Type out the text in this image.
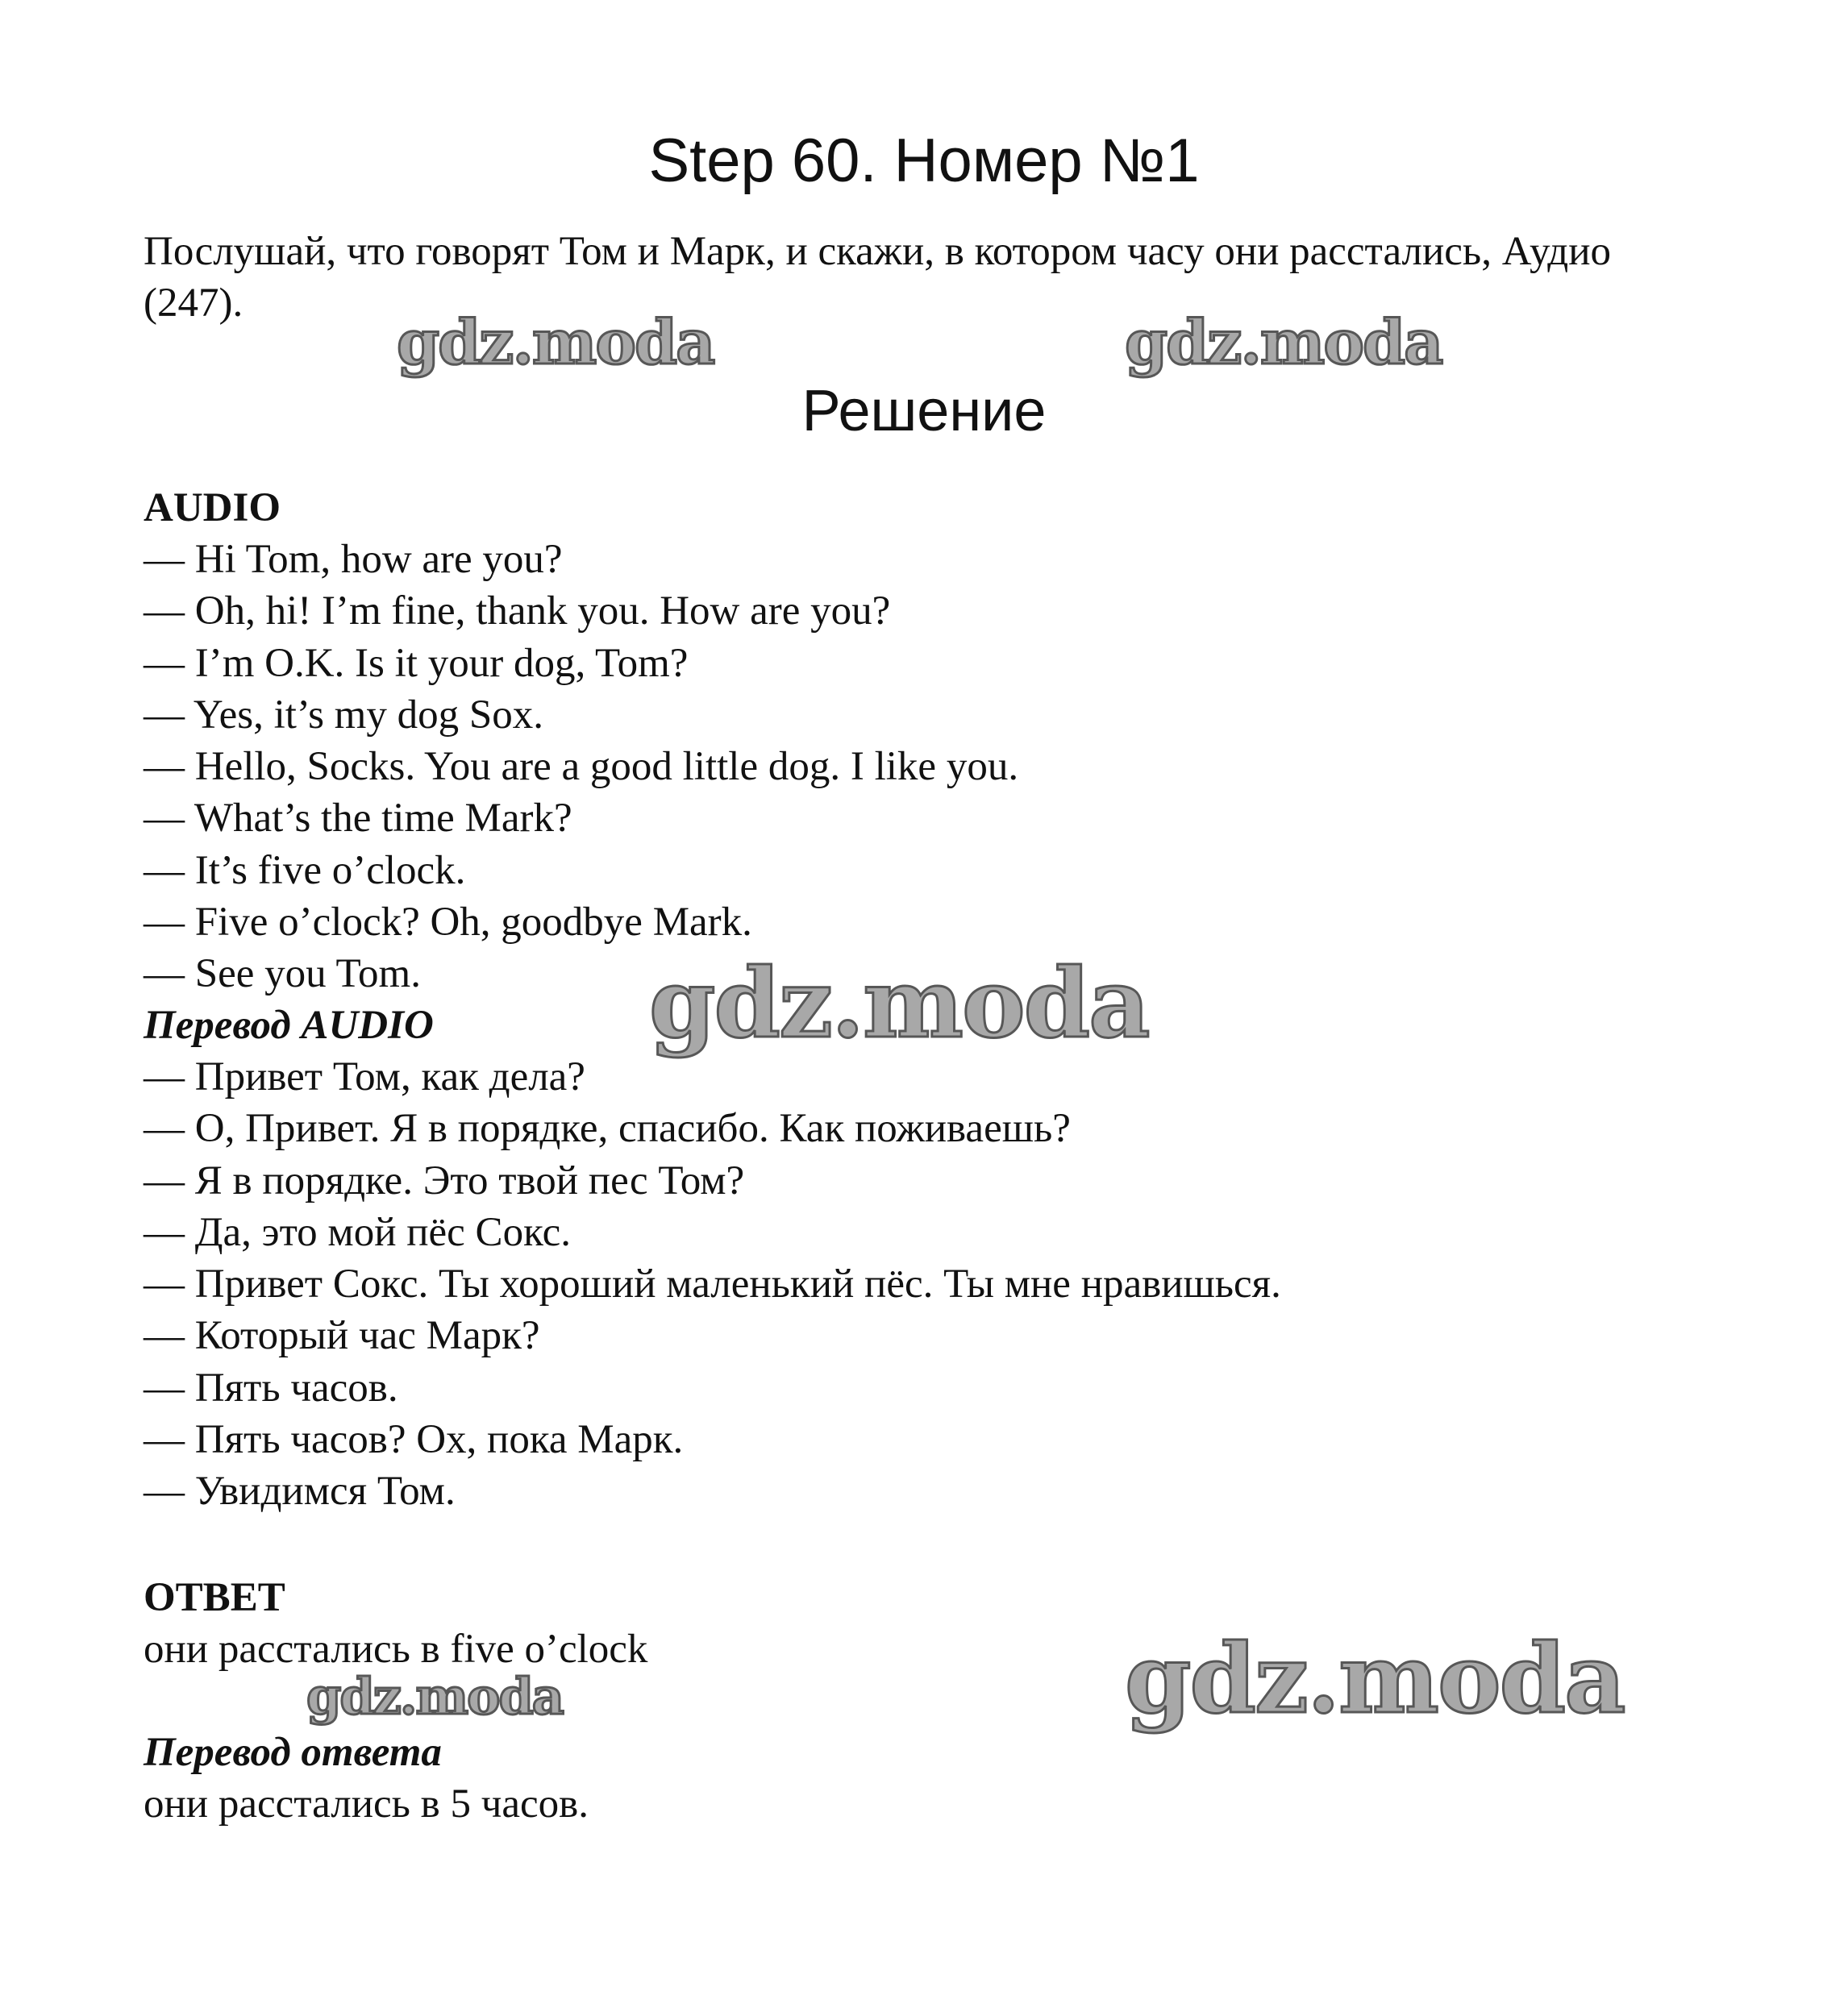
Step 60. Номер №1

Послушай, что говорят Том и Марк, и скажи, в котором часу они расстались, Аудио (247).

Решение
AUDIO
— Hi Tom, how are you?
— Oh, hi! I’m fine, thank you. How are you?
— I’m O.K. Is it your dog, Tom?
— Yes, it’s my dog Sox.
— Hello, Socks. You are a good little dog. I like you.
— What’s the time Mark?
— It’s five o’clock.
— Five o’clock? Oh, goodbye Mark.
— See you Tom.
Перевод AUDIO
— Привет Том, как дела?
— О, Привет. Я в порядке, спасибо. Как поживаешь?
— Я в порядке. Это твой пес Том?
— Да, это мой пёс Сокс.
— Привет Сокс. Ты хороший маленький пёс. Ты мне нравишься.
— Который час Марк?
— Пять часов.
— Пять часов? Ох, пока Марк.
— Увидимся Том.
ОТВЕТ
они расстались в five o’clock
Перевод ответа
они расстались в 5 часов.
gdz.moda	gdz.moda
gdz.moda
gdz.moda	gdz.moda
